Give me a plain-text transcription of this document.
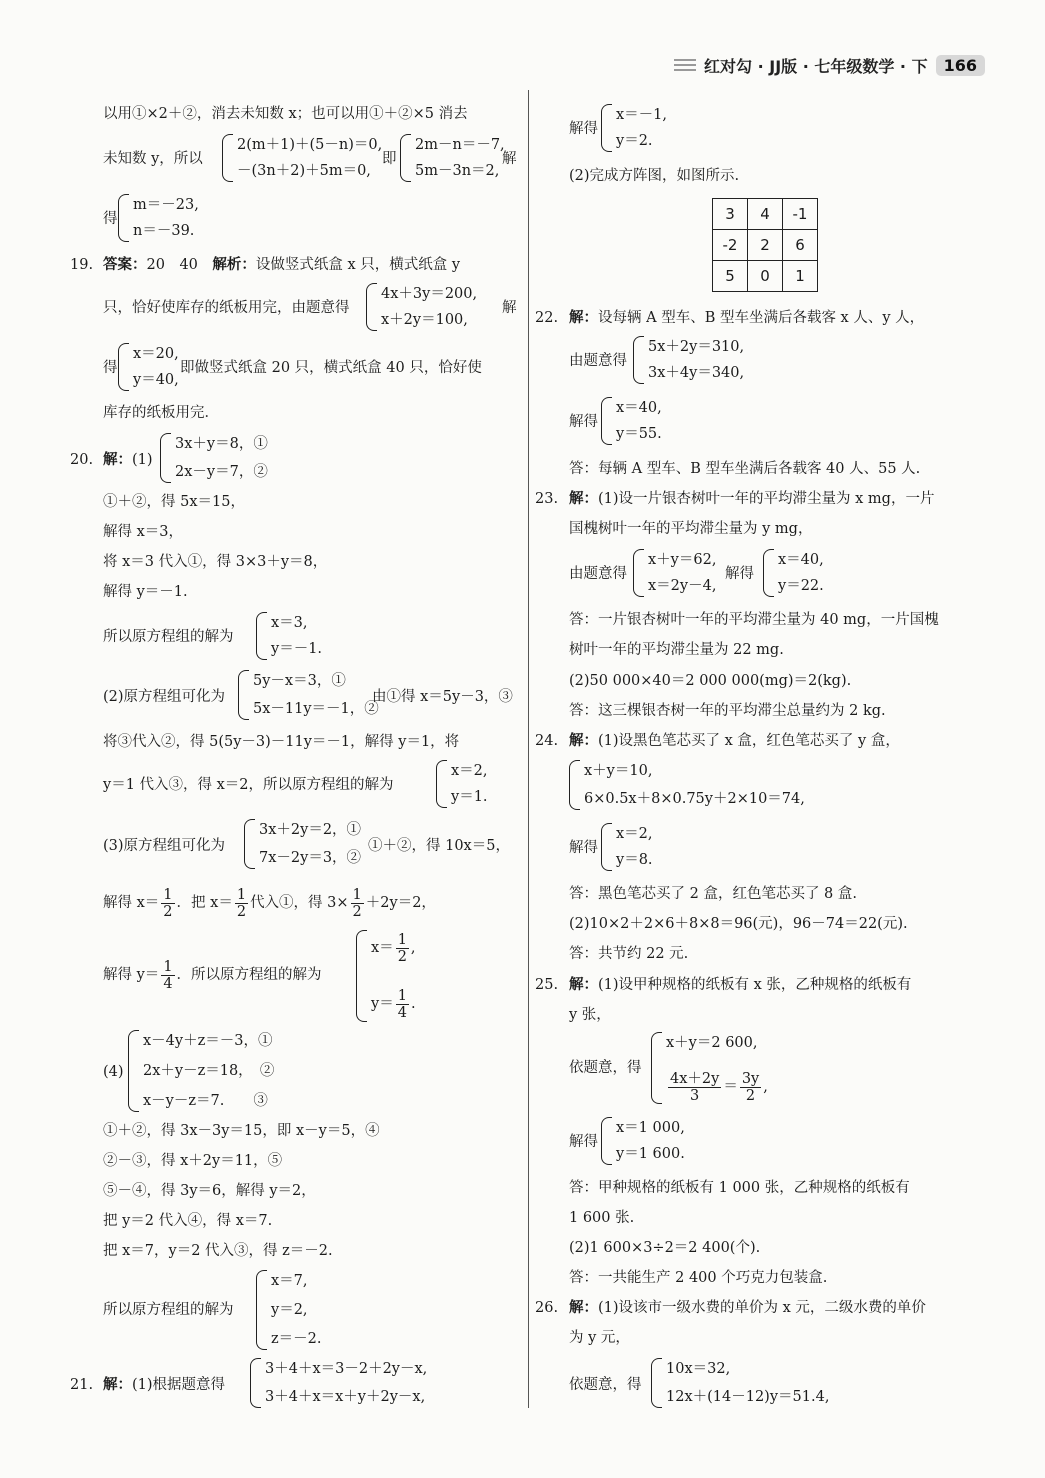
红对勾 · JJ版 · 七年级数学 · 下	166
以用①×2＋②，消去未知数 x；也可以用①＋②×5 消去
未知数 y，所以
2(m＋1)＋(5－n)＝0,
－(3n＋2)＋5m＝0,
即
2m－n＝－7,
5m－3n＝2,
解
得
m＝－23,
n＝－39.
19. 答案：20　40　 解析：设做竖式纸盒 x 只，横式纸盒 y
只，恰好使库存的纸板用完，由题意得
4x＋3y＝200,
x＋2y＝100,
解
得
x＝20,
y＝40,
即做竖式纸盒 20 只，横式纸盒 40 只，恰好使
库存的纸板用完．
20. 解：(1)
3x＋y＝8，①
2x－y＝7，②
①＋②，得 5x＝15，
解得 x＝3，
将 x＝3 代入①，得 3×3＋y＝8，
解得 y＝－1.
所以原方程组的解为
x＝3,
y＝－1.
(2)原方程组可化为
5y－x＝3，①
5x－11y＝－1，②
由①得 x＝5y－3，③
将③代入②，得 5(5y－3)－11y＝－1，解得 y＝1，将
y＝1 代入③，得 x＝2，所以原方程组的解为
x＝2,
y＝1.
(3)原方程组可化为
3x＋2y＝2，①
7x－2y＝3，②
①＋②，得 10x＝5，
解得 $x= \frac{1}{2}$ ．把 $x= \frac{1}{2}$ 代入①，得 $3\times \frac{1}{2} +2y=2$，
解得 $y= \frac{1}{4}$ ．所以原方程组的解为
$x= \frac{1}{2}$ ,
$y= \frac{1}{4}$ .
(4)
x－4y＋z＝－3，①
2x＋y－z＝18，　②
x－y－z＝7.　　③
①＋②，得 3x－3y＝15，即 x－y＝5，④
②－③，得 x＋2y＝11，⑤
⑤－④，得 3y＝6，解得 y＝2，
把 y＝2 代入④，得 x＝7.
把 x＝7，y＝2 代入③，得 z＝－2.
所以原方程组的解为
x＝7,
y＝2,
z＝－2.
21. 解：(1)根据题意得
3＋4＋x＝3－2＋2y－x,
3＋4＋x＝x＋y＋2y－x,
解得
x＝－1,
y＝2.
(2)完成方阵图，如图所示.
3	4	-1
-2	2	6
5	0	1
22. 解：设每辆 A 型车、B 型车坐满后各载客 x 人、y 人，
由题意得
5x＋2y＝310,
3x＋4y＝340,
解得
x＝40,
y＝55.
答：每辆 A 型车、B 型车坐满后各载客 40 人、55 人.
23. 解：(1)设一片银杏树叶一年的平均滞尘量为 x mg，一片
国槐树叶一年的平均滞尘量为 y mg，
由题意得
x＋y＝62,
x＝2y－4,
解得
x＝40,
y＝22.
答：一片银杏树叶一年的平均滞尘量为 40 mg，一片国槐
树叶一年的平均滞尘量为 22 mg.
(2)50 000×40＝2 000 000(mg)＝2(kg).
答：这三棵银杏树一年的平均滞尘总量约为 2 kg.
24. 解：(1)设黑色笔芯买了 x 盒，红色笔芯买了 y 盒，
x＋y＝10,
6×0.5x＋8×0.75y＋2×10＝74,
解得
x＝2,
y＝8.
答：黑色笔芯买了 2 盒，红色笔芯买了 8 盒.
(2)10×2＋2×6＋8×8＝96(元)，96－74＝22(元).
答：共节约 22 元.
25. 解：(1)设甲种规格的纸板有 x 张，乙种规格的纸板有
y 张，
依题意，得
x＋y＝2 600,
$\frac{4x+2y}{3} = \frac{3y}{2}$ ,
解得
x＝1 000,
y＝1 600.
答：甲种规格的纸板有 1 000 张，乙种规格的纸板有
1 600 张.
(2)1 600×3÷2＝2 400(个).
答：一共能生产 2 400 个巧克力包装盒.
26. 解：(1)设该市一级水费的单价为 x 元，二级水费的单价
为 y 元，
依题意，得
10x＝32,
12x＋(14－12)y＝51.4,
